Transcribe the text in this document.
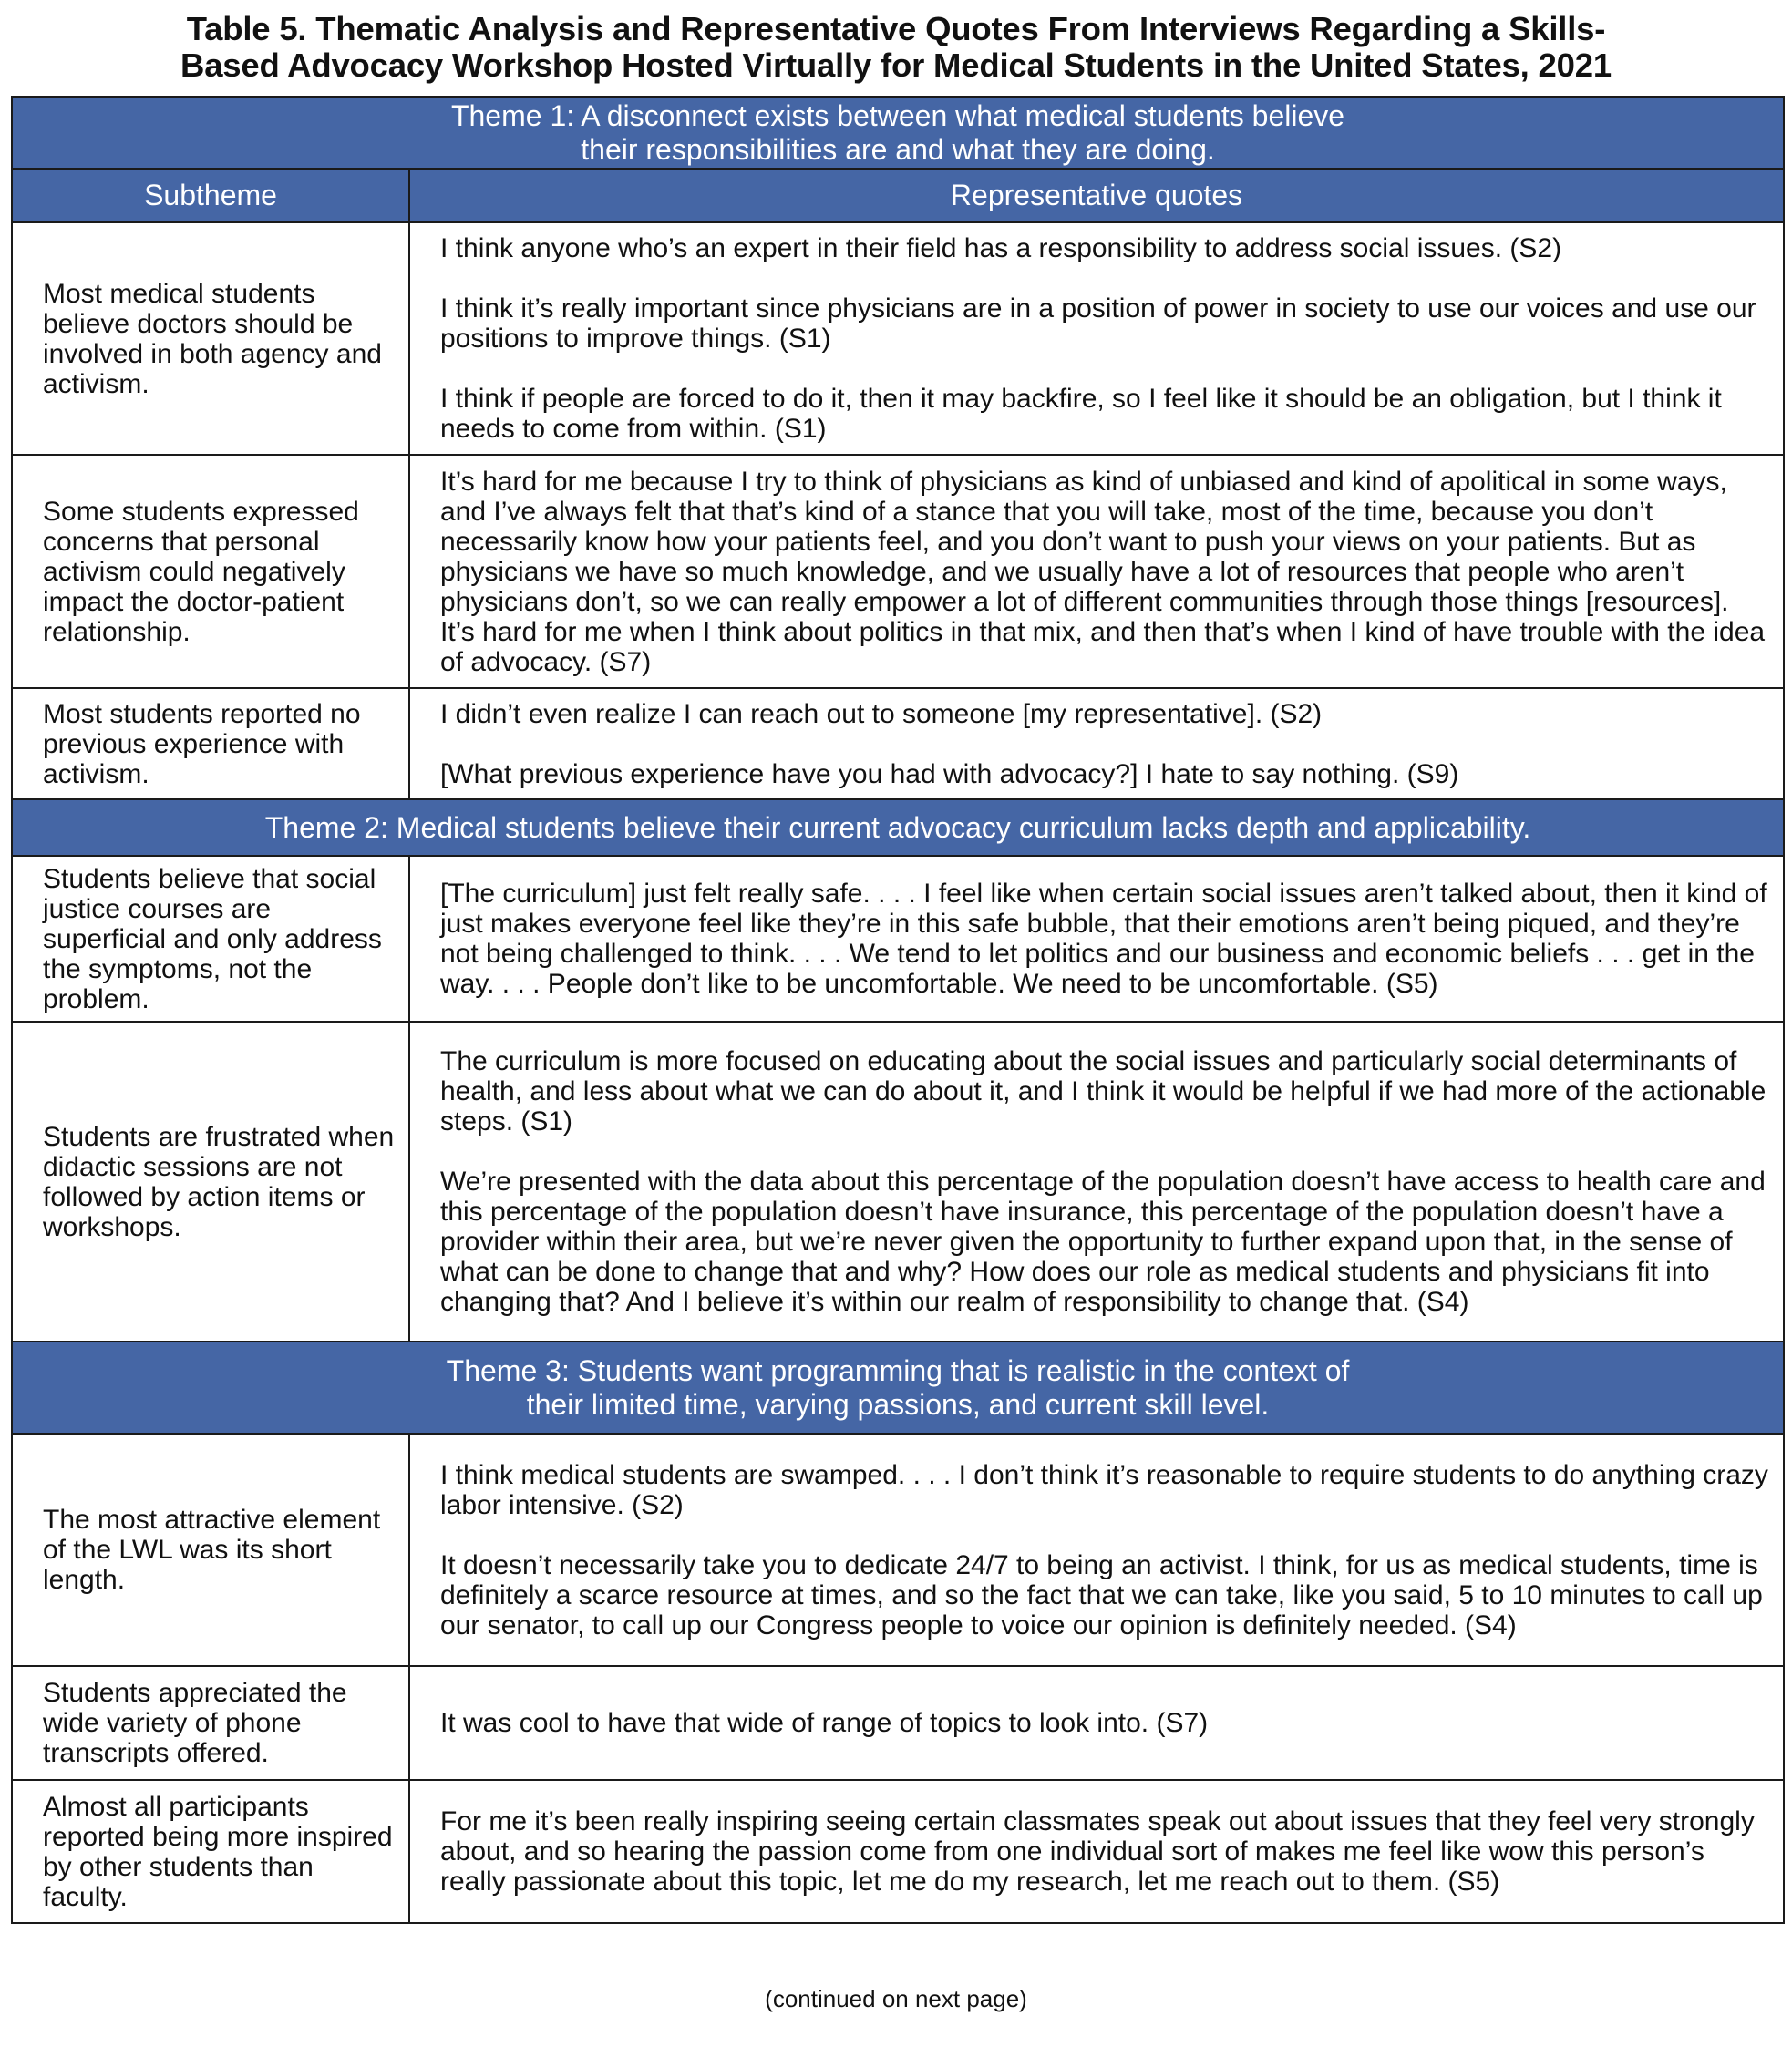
Table 5. Thematic Analysis and Representative Quotes From Interviews Regarding a Skills-
Based Advocacy Workshop Hosted Virtually for Medical Students in the United States, 2021
Theme 1: A disconnect exists between what medical students believe
their responsibilities are and what they are doing.	

Subtheme	Representative quotes
Most medical students believe doctors should be involved in both agency and activism.	I think anyone who’s an expert in their field has a responsibility to address social issues. (S2)

I think it’s really important since physicians are in a position of power in society to use our voices and use our positions to improve things. (S1)

I think if people are forced to do it, then it may backfire, so I feel like it should be an obligation, but I think it needs to come from within. (S1)

Some students expressed concerns that personal activism could negatively impact the doctor-patient relationship.	It’s hard for me because I try to think of physicians as kind of unbiased and kind of apolitical in some ways, and I’ve always felt that that’s kind of a stance that you will take, most of the time, because you don’t necessarily know how your patients feel, and you don’t want to push your views on your patients. But as physicians we have so much knowledge, and we usually have a lot of resources that people who aren’t physicians don’t, so we can really empower a lot of different communities through those things [resources]. It’s hard for me when I think about politics in that mix, and then that’s when I kind of have trouble with the idea of advocacy. (S7)

Most students reported no previous experience with activism.	I didn’t even realize I can reach out to someone [my representative]. (S2)

[What previous experience have you had with advocacy?] I hate to say nothing. (S9)

Theme 2: Medical students believe their current advocacy curriculum lacks depth and applicability.	

Students believe that social justice courses are superficial and only address the symptoms, not the problem.	[The curriculum] just felt really safe. . . . I feel like when certain social issues aren’t talked about, then it kind of just makes everyone feel like they’re in this safe bubble, that their emotions aren’t being piqued, and they’re not being challenged to think. . . . We tend to let politics and our business and economic beliefs . . . get in the way. . . . People don’t like to be uncomfortable. We need to be uncomfortable. (S5)

Students are frustrated when didactic sessions are not followed by action items or workshops.	The curriculum is more focused on educating about the social issues and particularly social determinants of health, and less about what we can do about it, and I think it would be helpful if we had more of the actionable steps. (S1)

We’re presented with the data about this percentage of the population doesn’t have access to health care and this percentage of the population doesn’t have insurance, this percentage of the population doesn’t have a provider within their area, but we’re never given the opportunity to further expand upon that, in the sense of what can be done to change that and why? How does our role as medical students and physicians fit into changing that? And I believe it’s within our realm of responsibility to change that. (S4)

Theme 3: Students want programming that is realistic in the context of
their limited time, varying passions, and current skill level.	

The most attractive element of the LWL was its short length.	I think medical students are swamped. . . . I don’t think it’s reasonable to require students to do anything crazy labor intensive. (S2)

It doesn’t necessarily take you to dedicate 24/7 to being an activist. I think, for us as medical students, time is definitely a scarce resource at times, and so the fact that we can take, like you said, 5 to 10 minutes to call up our senator, to call up our Congress people to voice our opinion is definitely needed. (S4)

Students appreciated the wide variety of phone transcripts offered.	It was cool to have that wide of range of topics to look into. (S7)

Almost all participants reported being more inspired by other students than faculty.	For me it’s been really inspiring seeing certain classmates speak out about issues that they feel very strongly about, and so hearing the passion come from one individual sort of makes me feel like wow this person’s really passionate about this topic, let me do my research, let me reach out to them. (S5)

(continued on next page)
